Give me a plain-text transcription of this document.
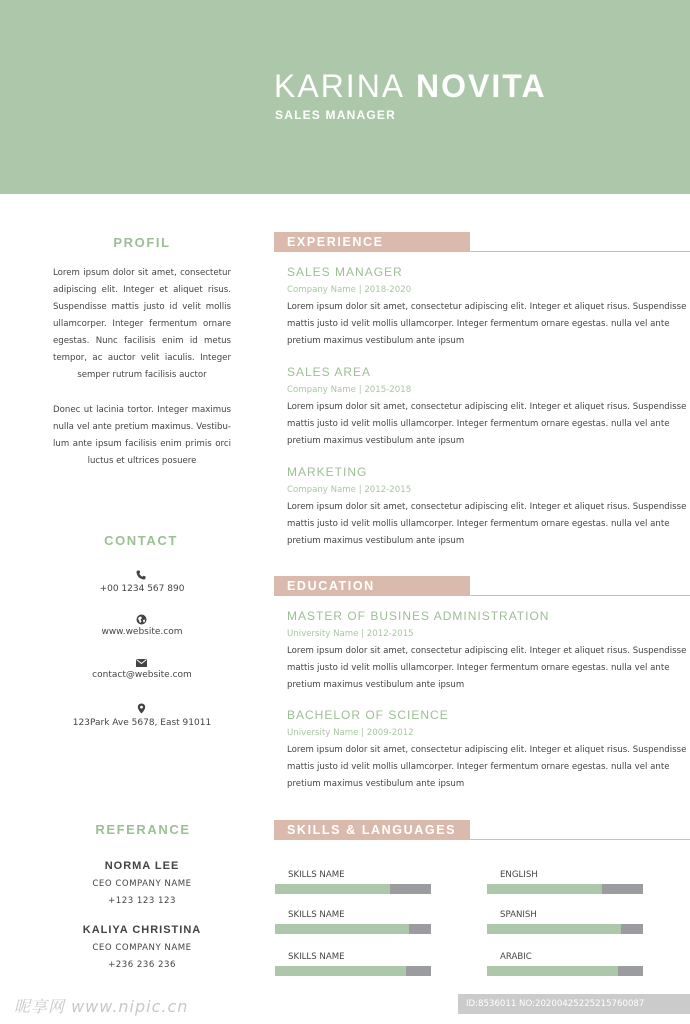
KARINA NOVITA
SALES MANAGER
PROFIL
Lorem ipsum dolor sit amet, consectetur adipiscing elit. Integer et aliquet risus. Suspendisse mattis justo id velit mollis ullamcorper. Integer fermentum ornare egestas. Nunc facilisis enim id metus tempor, ac auctor velit iaculis. Integer semper rutrum facilisis auctor
Donec ut lacinia tortor. Integer maximus nulla vel ante pretium maximus. Vestibu- lum ante ipsum facilisis enim primis orci luctus et ultrices posuere
CONTACT
+00 1234 567 890
www.website.com
contact@website.com
123Park Ave 5678, East 91011
REFERANCE
NORMA LEE
CEO COMPANY NAME
+123 123 123
KALIYA CHRISTINA
CEO COMPANY NAME
+236 236 236
EXPERIENCE
SALES MANAGER
Company Name | 2018-2020
Lorem ipsum dolor sit amet, consectetur adipiscing elit. Integer et aliquet risus. Suspendisse
mattis justo id velit mollis ullamcorper. Integer fermentum ornare egestas. nulla vel ante
pretium maximus vestibulum ante ipsum
SALES AREA
Company Name | 2015-2018
Lorem ipsum dolor sit amet, consectetur adipiscing elit. Integer et aliquet risus. Suspendisse
mattis justo id velit mollis ullamcorper. Integer fermentum ornare egestas. nulla vel ante
pretium maximus vestibulum ante ipsum
MARKETING
Company Name | 2012-2015
Lorem ipsum dolor sit amet, consectetur adipiscing elit. Integer et aliquet risus. Suspendisse
mattis justo id velit mollis ullamcorper. Integer fermentum ornare egestas. nulla vel ante
pretium maximus vestibulum ante ipsum
EDUCATION
MASTER OF BUSINES ADMINISTRATION
University Name | 2012-2015
Lorem ipsum dolor sit amet, consectetur adipiscing elit. Integer et aliquet risus. Suspendisse
mattis justo id velit mollis ullamcorper. Integer fermentum ornare egestas. nulla vel ante
pretium maximus vestibulum ante ipsum
BACHELOR OF SCIENCE
University Name | 2009-2012
Lorem ipsum dolor sit amet, consectetur adipiscing elit. Integer et aliquet risus. Suspendisse
mattis justo id velit mollis ullamcorper. Integer fermentum ornare egestas. nulla vel ante
pretium maximus vestibulum ante ipsum
SKILLS & LANGUAGES
SKILLS NAME
SKILLS NAME
SKILLS NAME
ENGLISH
SPANISH
ARABIC
昵享网 www.nipic.cn	ID:8536011 NO:20200425225215760087
